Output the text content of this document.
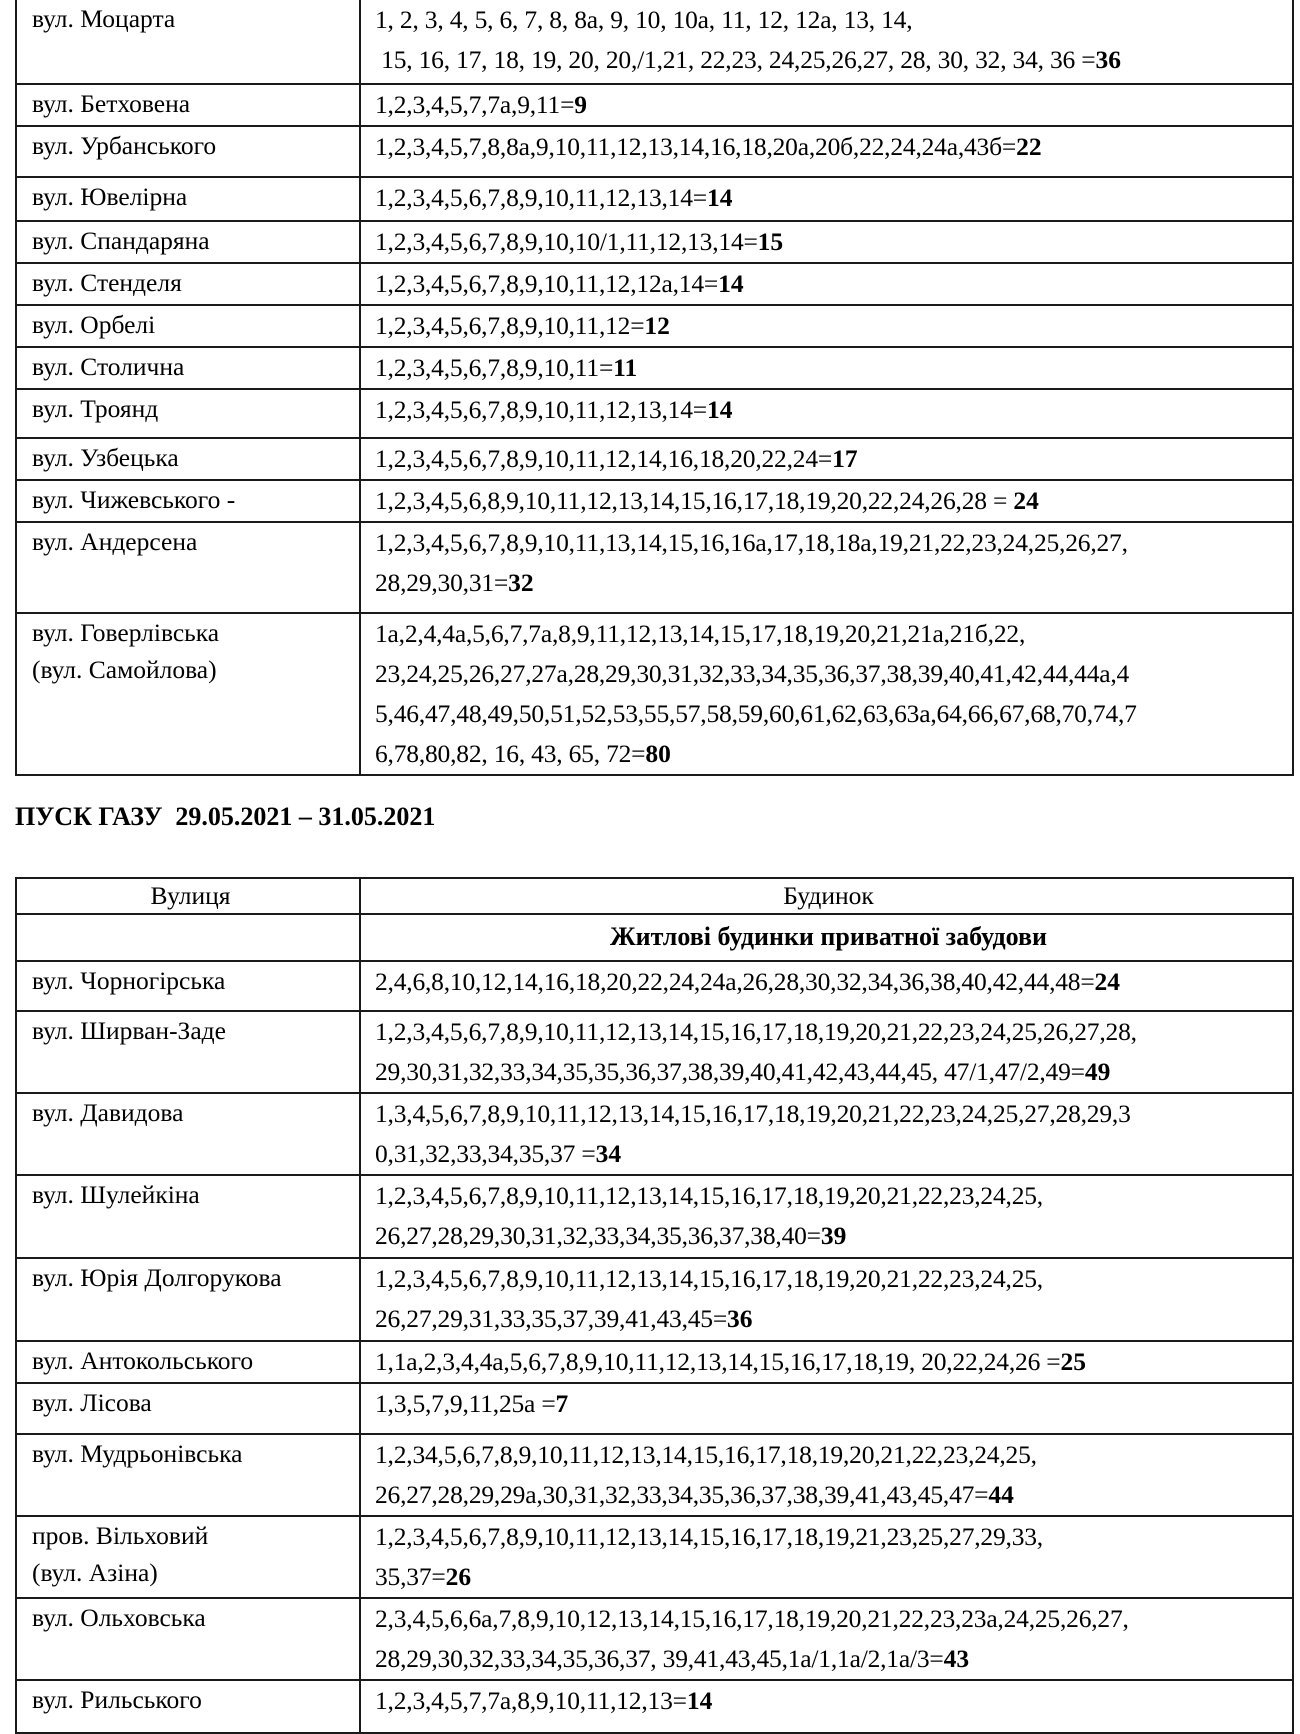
вул. Моцарта	1, 2, 3, 4, 5, 6, 7, 8, 8а, 9, 10, 10а, 11, 12, 12а, 13, 14,
15, 16, 17, 18, 19, 20, 20,/1,21, 22,23, 24,25,26,27, 28, 30, 32, 34, 36 =36

вул. Бетховена	1,2,3,4,5,7,7а,9,11=9

вул. Урбанського	1,2,3,4,5,7,8,8а,9,10,11,12,13,14,16,18,20а,20б,22,24,24а,43б=22

вул. Ювелірна	1,2,3,4,5,6,7,8,9,10,11,12,13,14=14

вул. Спандаряна	1,2,3,4,5,6,7,8,9,10,10/1,11,12,13,14=15

вул. Стенделя	1,2,3,4,5,6,7,8,9,10,11,12,12а,14=14

вул. Орбелі	1,2,3,4,5,6,7,8,9,10,11,12=12

вул. Столична	1,2,3,4,5,6,7,8,9,10,11=11

вул. Троянд	1,2,3,4,5,6,7,8,9,10,11,12,13,14=14

вул. Узбецька	1,2,3,4,5,6,7,8,9,10,11,12,14,16,18,20,22,24=17

вул. Чижевського -	1,2,3,4,5,6,8,9,10,11,12,13,14,15,16,17,18,19,20,22,24,26,28 = 24

вул. Андерсена	1,2,3,4,5,6,7,8,9,10,11,13,14,15,16,16а,17,18,18а,19,21,22,23,24,25,26,27,
28,29,30,31=32

вул. Говерлівська
(вул. Самойлова)	1а,2,4,4а,5,6,7,7а,8,9,11,12,13,14,15,17,18,19,20,21,21а,21б,22,
23,24,25,26,27,27а,28,29,30,31,32,33,34,35,36,37,38,39,40,41,42,44,44а,4
5,46,47,48,49,50,51,52,53,55,57,58,59,60,61,62,63,63а,64,66,67,68,70,74,7
6,78,80,82, 16, 43, 65, 72=80
ПУСК ГАЗУ  29.05.2021 – 31.05.2021
Вулиця	Будинок
	Житлові будинки приватної забудови

вул. Чорногірська	2,4,6,8,10,12,14,16,18,20,22,24,24а,26,28,30,32,34,36,38,40,42,44,48=24

вул. Ширван-Заде	1,2,3,4,5,6,7,8,9,10,11,12,13,14,15,16,17,18,19,20,21,22,23,24,25,26,27,28,
29,30,31,32,33,34,35,35,36,37,38,39,40,41,42,43,44,45, 47/1,47/2,49=49

вул. Давидова	1,3,4,5,6,7,8,9,10,11,12,13,14,15,16,17,18,19,20,21,22,23,24,25,27,28,29,3
0,31,32,33,34,35,37 =34

вул. Шулейкіна	1,2,3,4,5,6,7,8,9,10,11,12,13,14,15,16,17,18,19,20,21,22,23,24,25,
26,27,28,29,30,31,32,33,34,35,36,37,38,40=39

вул. Юрія Долгорукова	1,2,3,4,5,6,7,8,9,10,11,12,13,14,15,16,17,18,19,20,21,22,23,24,25,
26,27,29,31,33,35,37,39,41,43,45=36

вул. Антокольського	1,1а,2,3,4,4а,5,6,7,8,9,10,11,12,13,14,15,16,17,18,19, 20,22,24,26 =25

вул. Лісова	1,3,5,7,9,11,25а =7

вул. Мудрьонівська	1,2,34,5,6,7,8,9,10,11,12,13,14,15,16,17,18,19,20,21,22,23,24,25,
26,27,28,29,29а,30,31,32,33,34,35,36,37,38,39,41,43,45,47=44

пров. Вільховий
(вул. Азіна)	1,2,3,4,5,6,7,8,9,10,11,12,13,14,15,16,17,18,19,21,23,25,27,29,33,
35,37=26

вул. Ольховська	2,3,4,5,6,6а,7,8,9,10,12,13,14,15,16,17,18,19,20,21,22,23,23а,24,25,26,27,
28,29,30,32,33,34,35,36,37, 39,41,43,45,1а/1,1а/2,1а/3=43

вул. Рильського	1,2,3,4,5,7,7а,8,9,10,11,12,13=14
